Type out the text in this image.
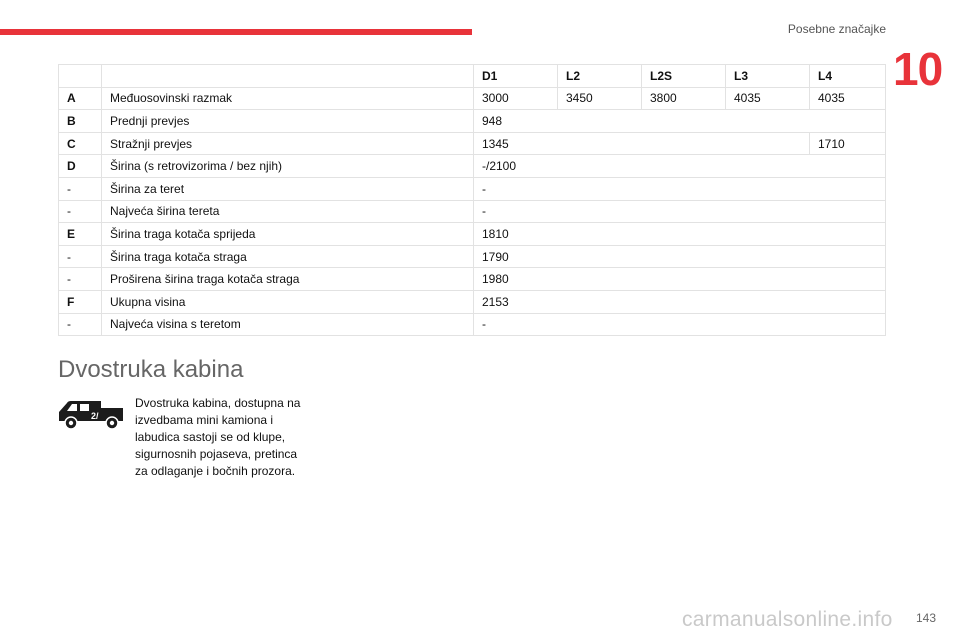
Posebne značajke
10
		D1	L2	L2S	L3	L4
A	Međuosovinski razmak	3000	3450	3800	4035	4035
B	Prednji prevjes	948				
C	Stražnji prevjes	1345				1710
D	Širina (s retrovizorima / bez njih)	-/2100				
-	Širina za teret	-				
-	Najveća širina tereta	-				
E	Širina traga kotača sprijeda	1810				
-	Širina traga kotača straga	1790				
-	Proširena širina traga kotača straga	1980				
F	Ukupna visina	2153				
-	Najveća visina s teretom	-				
Dvostruka kabina
2/
Dvostruka kabina, dostupna na izvedbama mini kamiona i labudica sastoji se od klupe, sigurnosnih pojaseva, pretinca za odlaganje i bočnih prozora.
143
carmanualsonline.info
